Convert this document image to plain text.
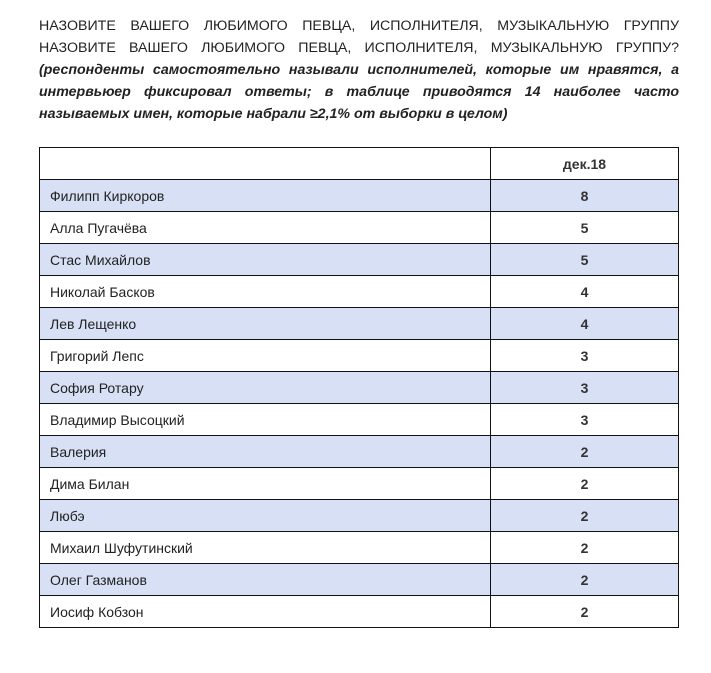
НАЗОВИТЕ ВАШЕГО ЛЮБИМОГО ПЕВЦА, ИСПОЛНИТЕЛЯ, МУЗЫКАЛЬНУЮ ГРУППУ
НАЗОВИТЕ ВАШЕГО ЛЮБИМОГО ПЕВЦА, ИСПОЛНИТЕЛЯ, МУЗЫКАЛЬНУЮ ГРУППУ?
(респонденты самостоятельно называли исполнителей, которые им нравятся, а интервьюер фиксировал ответы; в таблице приводятся 14 наиболее часто называемых имен, которые набрали ≥2,1% от выборки в целом)
	дек.18
Филипп Киркоров	8
Алла Пугачёва	5
Стас Михайлов	5
Николай Басков	4
Лев Лещенко	4
Григорий Лепс	3
София Ротару	3
Владимир Высоцкий	3
Валерия	2
Дима Билан	2
Любэ	2
Михаил Шуфутинский	2
Олег Газманов	2
Иосиф Кобзон	2
